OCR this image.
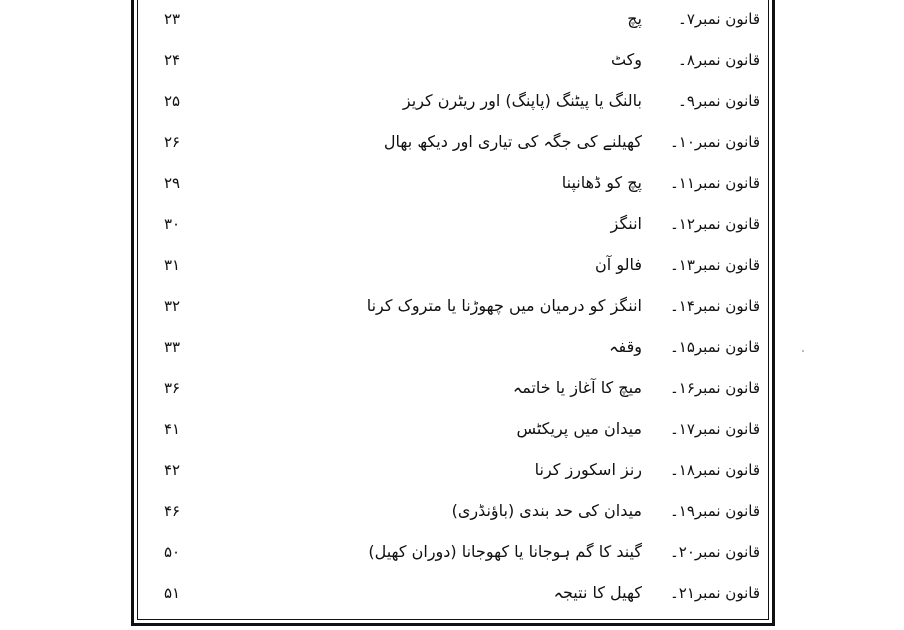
قانون نمبر۷۔
پچ
۲۳
قانون نمبر۸۔
وکٹ
۲۴
قانون نمبر۹۔
بالنگ یا پیٹنگ (پاپنگ) اور ریٹرن کریز
۲۵
قانون نمبر۱۰۔
کھیلنے کی جگہ کی تیاری اور دیکھ بھال
۲۶
قانون نمبر۱۱۔
پچ کو ڈھانپنا
۲۹
قانون نمبر۱۲۔
اننگز
۳۰
قانون نمبر۱۳۔
فالو آن
۳۱
قانون نمبر۱۴۔
اننگز کو درمیان میں چھوڑنا یا متروک کرنا
۳۲
قانون نمبر۱۵۔
وقفہ
۳۳
قانون نمبر۱۶۔
میچ کا آغاز یا خاتمہ
۳۶
قانون نمبر۱۷۔
میدان میں پریکٹس
۴۱
قانون نمبر۱۸۔
رنز اسکورز کرنا
۴۲
قانون نمبر۱۹۔
میدان کی حد بندی (باؤنڈری)
۴۶
قانون نمبر۲۰۔
گیند کا گم ہوجانا یا کھوجانا (دوران کھیل)
۵۰
قانون نمبر۲۱۔
کھیل کا نتیجہ
۵۱
